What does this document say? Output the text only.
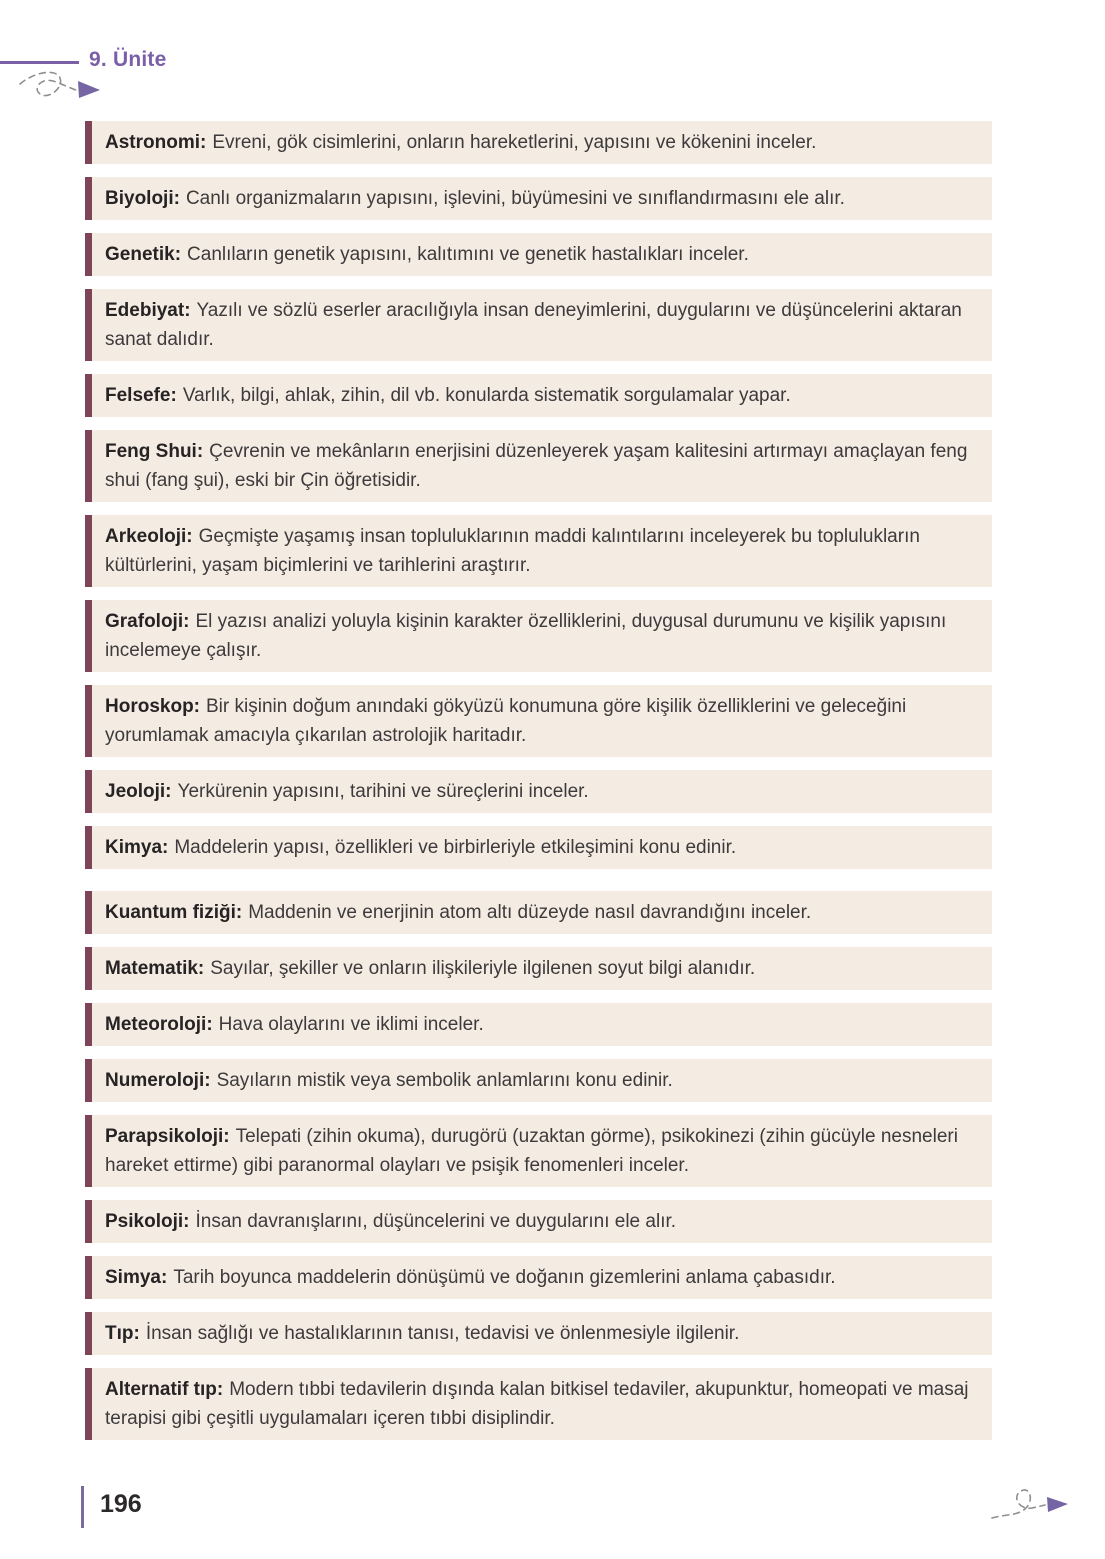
9. Ünite
Astronomi: Evreni, gök cisimlerini, onların hareketlerini, yapısını ve kökenini inceler.
Biyoloji: Canlı organizmaların yapısını, işlevini, büyümesini ve sınıflandırmasını ele alır.
Genetik: Canlıların genetik yapısını, kalıtımını ve genetik hastalıkları inceler.
Edebiyat: Yazılı ve sözlü eserler aracılığıyla insan deneyimlerini, duygularını ve düşüncelerini aktaran sanat dalıdır.
Felsefe: Varlık, bilgi, ahlak, zihin, dil vb. konularda sistematik sorgulamalar yapar.
Feng Shui: Çevrenin ve mekânların enerjisini düzenleyerek yaşam kalitesini artırmayı amaçlayan feng shui (fang şui), eski bir Çin öğretisidir.
Arkeoloji: Geçmişte yaşamış insan topluluklarının maddi kalıntılarını inceleyerek bu toplulukların kültürlerini, yaşam biçimlerini ve tarihlerini araştırır.
Grafoloji: El yazısı analizi yoluyla kişinin karakter özelliklerini, duygusal durumunu ve kişilik yapısını incelemeye çalışır.
Horoskop: Bir kişinin doğum anındaki gökyüzü konumuna göre kişilik özelliklerini ve geleceğini yorumlamak amacıyla çıkarılan astrolojik haritadır.
Jeoloji: Yerkürenin yapısını, tarihini ve süreçlerini inceler.
Kimya: Maddelerin yapısı, özellikleri ve birbirleriyle etkileşimini konu edinir.
Kuantum fiziği: Maddenin ve enerjinin atom altı düzeyde nasıl davrandığını inceler.
Matematik: Sayılar, şekiller ve onların ilişkileriyle ilgilenen soyut bilgi alanıdır.
Meteoroloji: Hava olaylarını ve iklimi inceler.
Numeroloji: Sayıların mistik veya sembolik anlamlarını konu edinir.
Parapsikoloji: Telepati (zihin okuma), durugörü (uzaktan görme), psikokinezi (zihin gücüyle nesneleri hareket ettirme) gibi paranormal olayları ve psişik fenomenleri inceler.
Psikoloji: İnsan davranışlarını, düşüncelerini ve duygularını ele alır.
Simya: Tarih boyunca maddelerin dönüşümü ve doğanın gizemlerini anlama çabasıdır.
Tıp: İnsan sağlığı ve hastalıklarının tanısı, tedavisi ve önlenmesiyle ilgilenir.
Alternatif tıp: Modern tıbbi tedavilerin dışında kalan bitkisel tedaviler, akupunktur, homeopati ve masaj terapisi gibi çeşitli uygulamaları içeren tıbbi disiplindir.
196
